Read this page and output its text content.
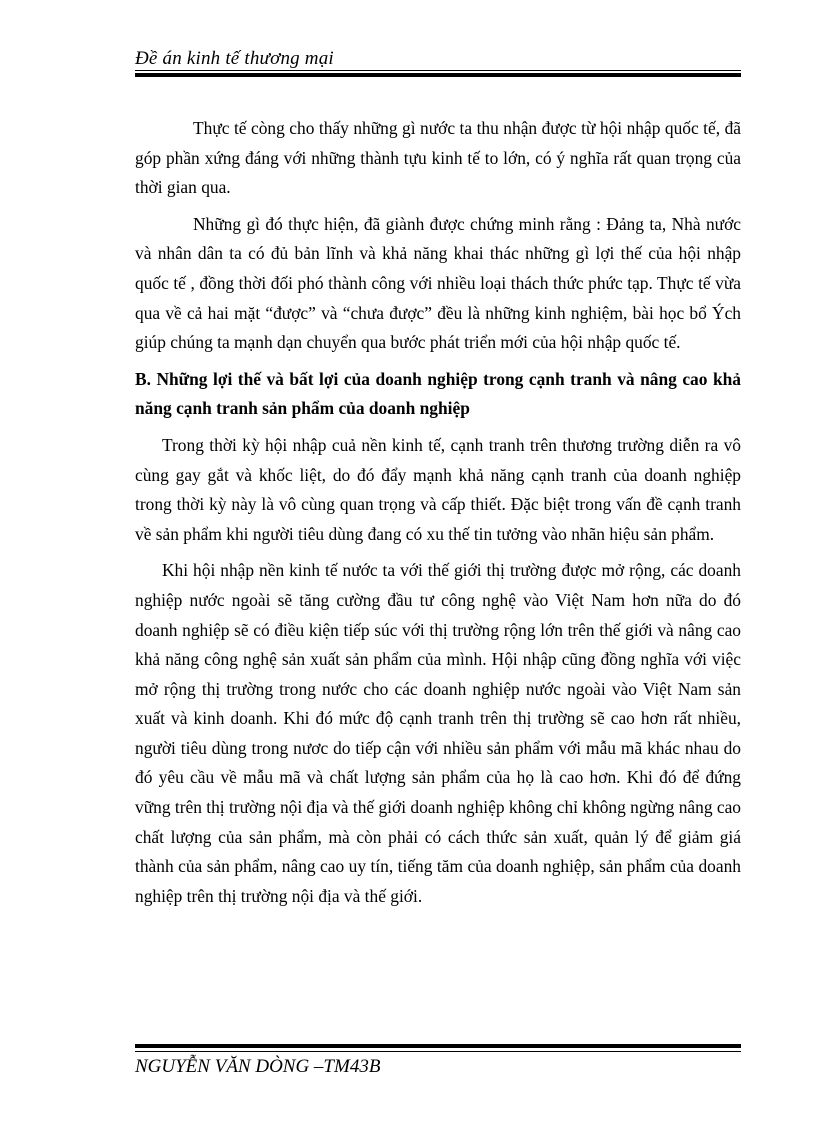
Đề án kinh tế thương mại

Thực tế còng cho thấy những gì nước ta thu nhận được từ hội nhập quốc tế, đã góp phần xứng đáng với những thành tựu kinh tế to lớn, có ý nghĩa rất quan trọng của thời gian qua.

Những gì đó thực hiện, đã giành được chứng minh rằng : Đảng ta, Nhà nước và nhân dân ta có đủ bản lĩnh và khả năng khai thác những gì lợi thế của hội nhập quốc tế , đồng thời đối phó thành công với nhiều loại thách thức phức tạp. Thực tế vừa qua về cả hai mặt “được” và “chưa được” đều là những kinh nghiệm, bài học bổ Ých giúp chúng ta mạnh dạn chuyển qua bước phát triển mới của hội nhập quốc tế.

B. Những lợi thế và bất lợi của doanh nghiệp trong cạnh tranh và nâng cao khả năng cạnh tranh sản phẩm của doanh nghiệp

Trong thời kỳ hội nhập cuả nền kinh tế, cạnh tranh trên thương trường diễn ra vô cùng gay gắt và khốc liệt, do đó đẩy mạnh khả năng cạnh tranh của doanh nghiệp trong thời kỳ này là vô cùng quan trọng và cấp thiết. Đặc biệt trong vấn đề cạnh tranh về sản phẩm khi người tiêu dùng đang có xu thế tin tưởng vào nhãn hiệu sản phẩm.

Khi hội nhập nền kinh tế nước ta với thế giới thị trường được mở rộng, các doanh nghiệp nước ngoài sẽ tăng cường đầu tư công nghệ vào Việt Nam hơn nữa do đó doanh nghiệp sẽ có điều kiện tiếp súc với thị trường rộng lớn trên thế giới và nâng cao khả năng công nghệ sản xuất sản phẩm của mình. Hội nhập cũng đồng nghĩa với việc mở rộng thị trường trong nước cho các doanh nghiệp nước ngoài vào Việt Nam sản xuất và kinh doanh. Khi đó mức độ cạnh tranh trên thị trường sẽ cao hơn rất nhiều, người tiêu dùng trong nươc do tiếp cận với nhiều sản phẩm với mẫu mã khác nhau do đó yêu cầu về mẫu mã và chất lượng sản phẩm của họ là cao hơn. Khi đó để đứng vững trên thị trường nội địa và thế giới doanh nghiệp không chỉ không ngừng nâng cao chất lượng của sản phẩm, mà còn phải có cách thức sản xuất, quản lý để giảm giá thành của sản phẩm, nâng cao uy tín, tiếng tăm của doanh nghiệp, sản phẩm của doanh nghiệp trên thị trường nội địa và thế giới.

NGUYỄN VĂN DÒNG –TM43B
